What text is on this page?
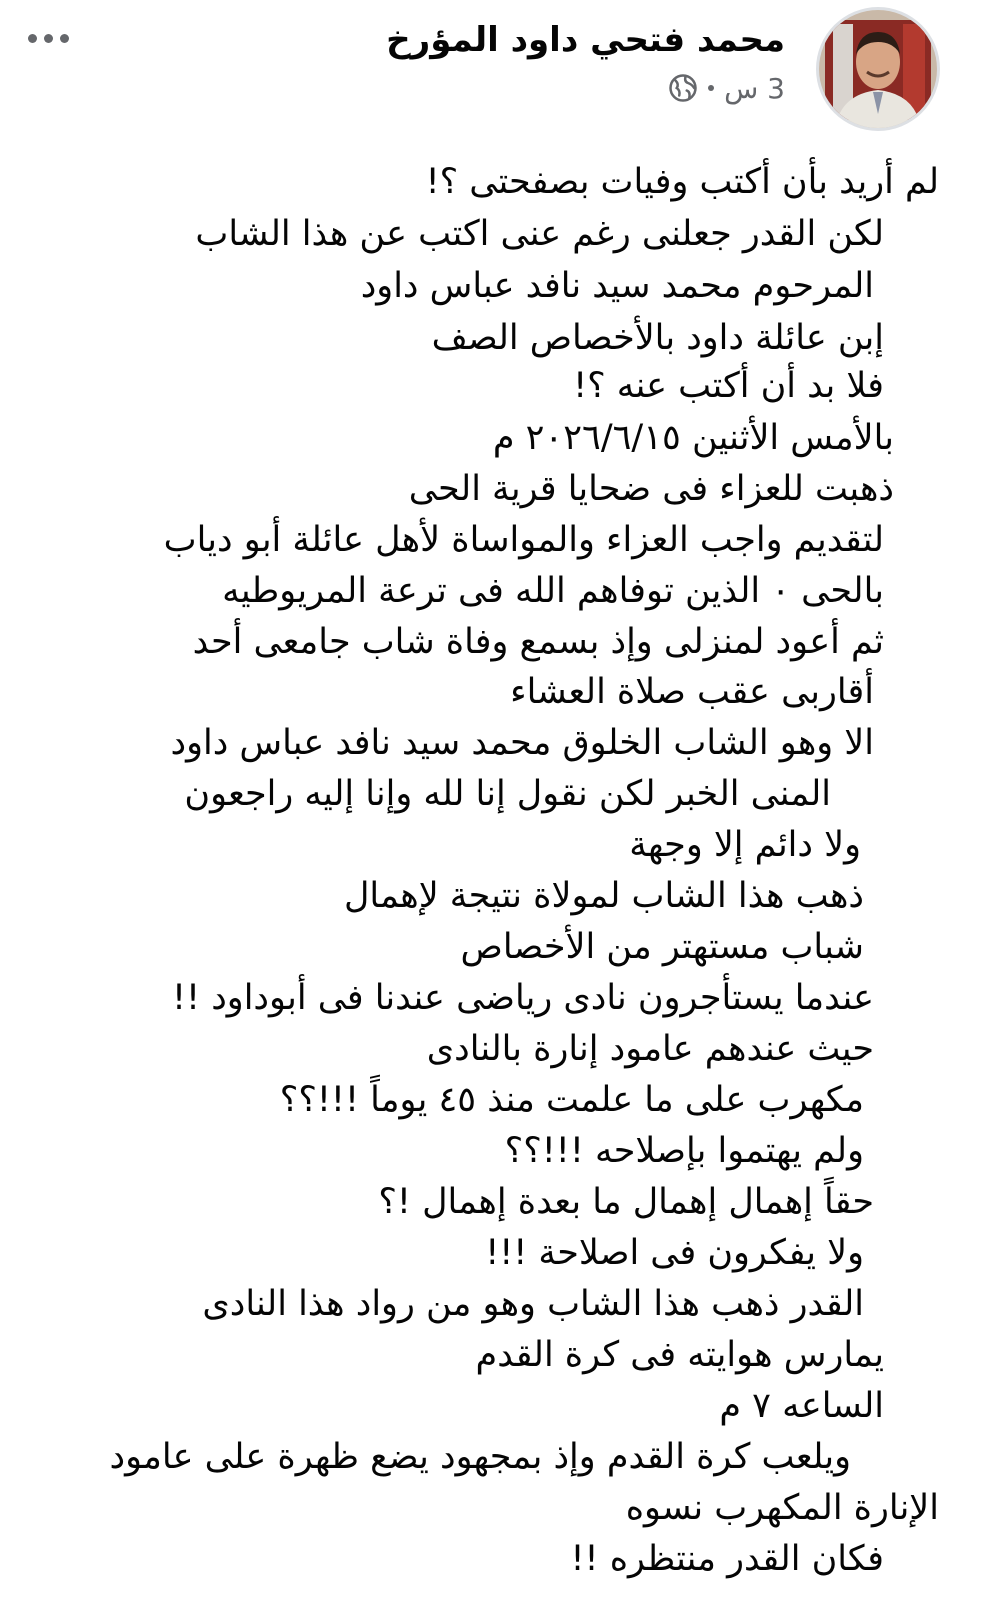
محمد فتحي داود المؤرخ
3 س
لم أريد بأن أكتب وفيات بصفحتى ؟!
لكن القدر جعلنى رغم عنى اكتب عن هذا الشاب
المرحوم محمد سيد نافد عباس داود
إبن عائلة داود بالأخصاص الصف
فلا بد أن أكتب عنه ؟!
بالأمس الأثنين ٢٠٢٦/٦/١٥ م
ذهبت للعزاء فى ضحايا قرية الحى
لتقديم واجب العزاء والمواساة لأهل عائلة أبو دياب
بالحى ٠ الذين توفاهم الله فى ترعة المريوطيه
ثم أعود لمنزلى وإذ بسمع وفاة شاب جامعى أحد
أقاربى عقب صلاة العشاء
الا وهو الشاب الخلوق محمد سيد نافد عباس داود
المنى الخبر لكن نقول إنا لله وإنا إليه راجعون
ولا دائم إلا وجهة
ذهب هذا الشاب لمولاة نتيجة لإهمال
شباب مستهتر من الأخصاص
عندما يستأجرون نادى رياضى عندنا فى أبوداود !!
حيث عندهم عامود إنارة بالنادى
مكهرب على ما علمت منذ ٤٥ يوماً !!!؟؟
ولم يهتموا بإصلاحه !!!؟؟
حقاً إهمال إهمال ما بعدة إهمال !؟
ولا يفكرون فى اصلاحة !!!
القدر ذهب هذا الشاب وهو من رواد هذا النادى
يمارس هوايته فى كرة القدم
الساعه ٧ م
ويلعب كرة القدم وإذ بمجهود يضع ظهرة على عامود
الإنارة المكهرب نسوه
فكان القدر منتظره !!
